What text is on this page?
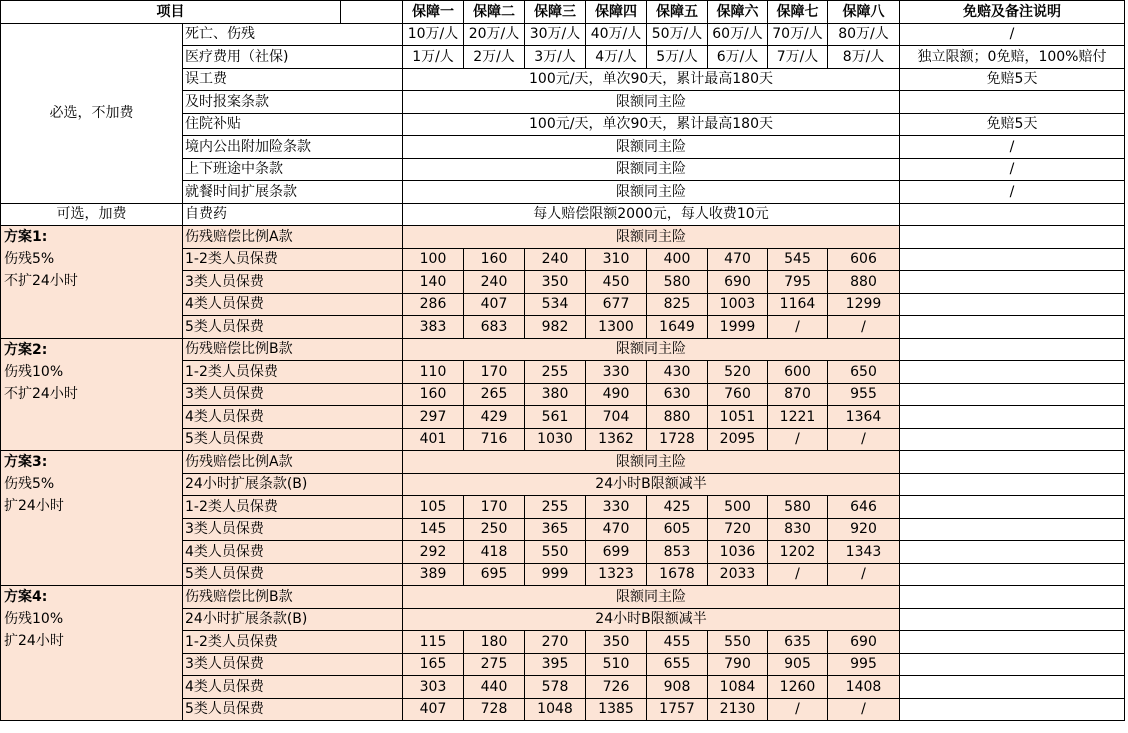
项目			保障一	保障二	保障三	保障四	保障五	保障六	保障七	保障八	免赔及备注说明
必选，不加费	死亡、伤残		10万/人	20万/人	30万/人	40万/人	50万/人	60万/人	70万/人	80万/人	/
	医疗费用（社保)		1万/人	2万/人	3万/人	4万/人	5万/人	6万/人	7万/人	8万/人	独立限额；0免赔，100%赔付
	误工费		100元/天，单次90天，累计最高180天								免赔5天
	及时报案条款		限额同主险								
	住院补贴		100元/天，单次90天，累计最高180天								免赔5天
	境内公出附加险条款		限额同主险								/
	上下班途中条款		限额同主险								/
	就餐时间扩展条款		限额同主险								/
可选，加费	自费药		每人赔偿限额2000元，每人收费10元								

方案1:
伤残5%
不扩24小时	伤残赔偿比例A款		限额同主险								
	1-2类人员保费		100	160	240	310	400	470	545	606	
	3类人员保费		140	240	350	450	580	690	795	880	
	4类人员保费		286	407	534	677	825	1003	1164	1299	
	5类人员保费		383	683	982	1300	1649	1999	/	/	

方案2:
伤残10%
不扩24小时	伤残赔偿比例B款		限额同主险								
	1-2类人员保费		110	170	255	330	430	520	600	650	
	3类人员保费		160	265	380	490	630	760	870	955	
	4类人员保费		297	429	561	704	880	1051	1221	1364	
	5类人员保费		401	716	1030	1362	1728	2095	/	/	

方案3:
伤残5%
扩24小时	伤残赔偿比例A款		限额同主险								
	24小时扩展条款(B)		24小时B限额减半								
	1-2类人员保费		105	170	255	330	425	500	580	646	
	3类人员保费		145	250	365	470	605	720	830	920	
	4类人员保费		292	418	550	699	853	1036	1202	1343	
	5类人员保费		389	695	999	1323	1678	2033	/	/	

方案4:
伤残10%
扩24小时	伤残赔偿比例B款		限额同主险								
	24小时扩展条款(B)		24小时B限额减半								
	1-2类人员保费		115	180	270	350	455	550	635	690	
	3类人员保费		165	275	395	510	655	790	905	995	
	4类人员保费		303	440	578	726	908	1084	1260	1408	
	5类人员保费		407	728	1048	1385	1757	2130	/	/	
